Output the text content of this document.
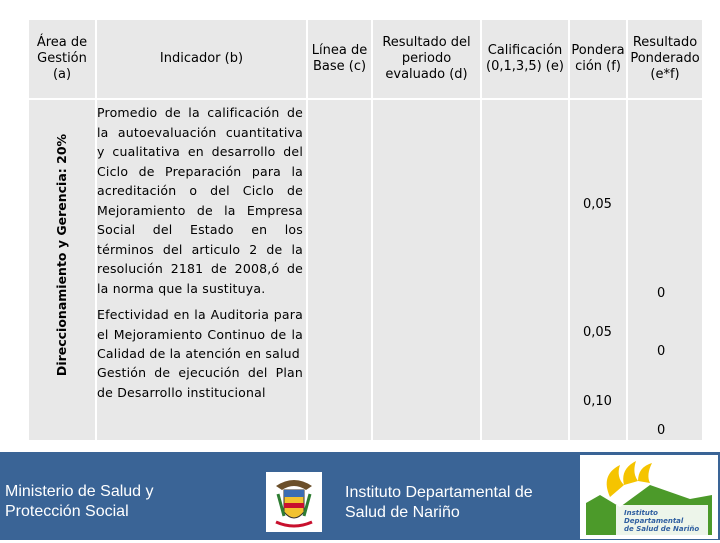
Área de Gestión (a)
Indicador (b)
Línea de Base (c)
Resultado del periodo evaluado (d)
Calificación (0,1,3,5) (e)
Ponderación (f)
Resultado Ponderado (e*f)
Direccionamiento y Gerencia: 20%
Promedio de la calificación de la autoevaluación cuantitativa y cualitativa en desarrollo del Ciclo de Preparación para la acreditación o del Ciclo de Mejoramiento de la Empresa Social del Estado en los términos del articulo 2 de la resolución 2181 de 2008,ó de la norma que la sustituya.
Efectividad en la Auditoria para el Mejoramiento Continuo de la Calidad de la atención en salud
Gestión de ejecución del Plan de Desarrollo institucional
0,05
0,05
0,10
0
0
0
Ministerio de Salud y Protección Social
Instituto Departamental de Salud de Nariño	Instituto
Departamental
de Salud de Nariño
